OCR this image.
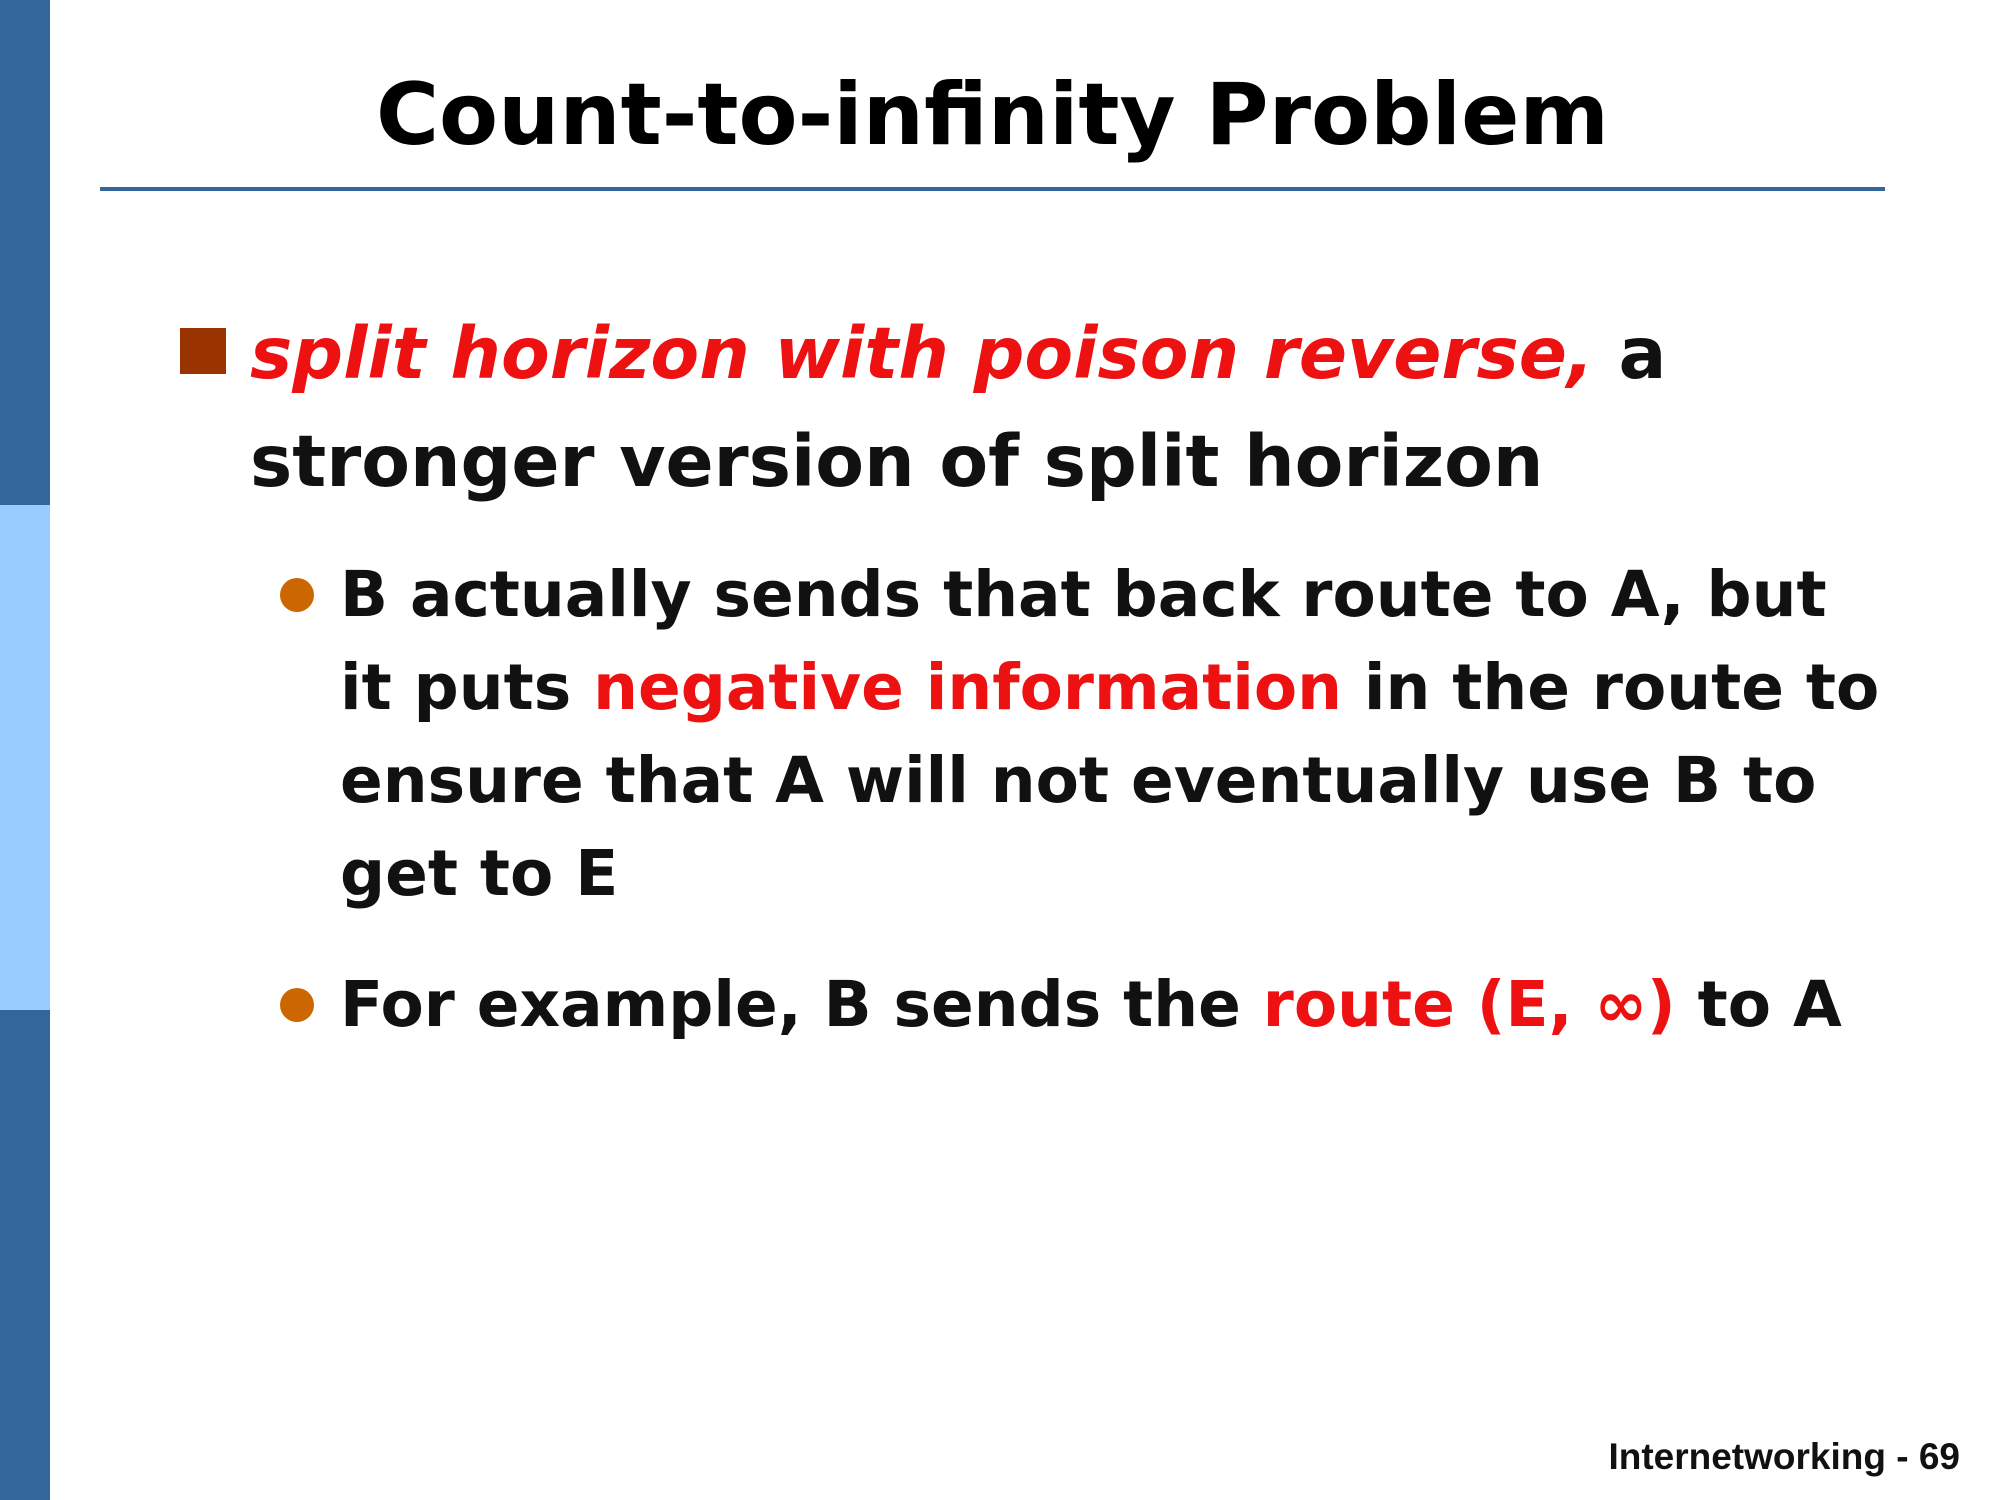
Count-to-infinity Problem
split horizon with poison reverse, a stronger version of split horizon
B actually sends that back route to A, but it puts negative information in the route to ensure that A will not eventually use B to get to E
For example, B sends the route (E, ∞) to A
Internetworking - 69
